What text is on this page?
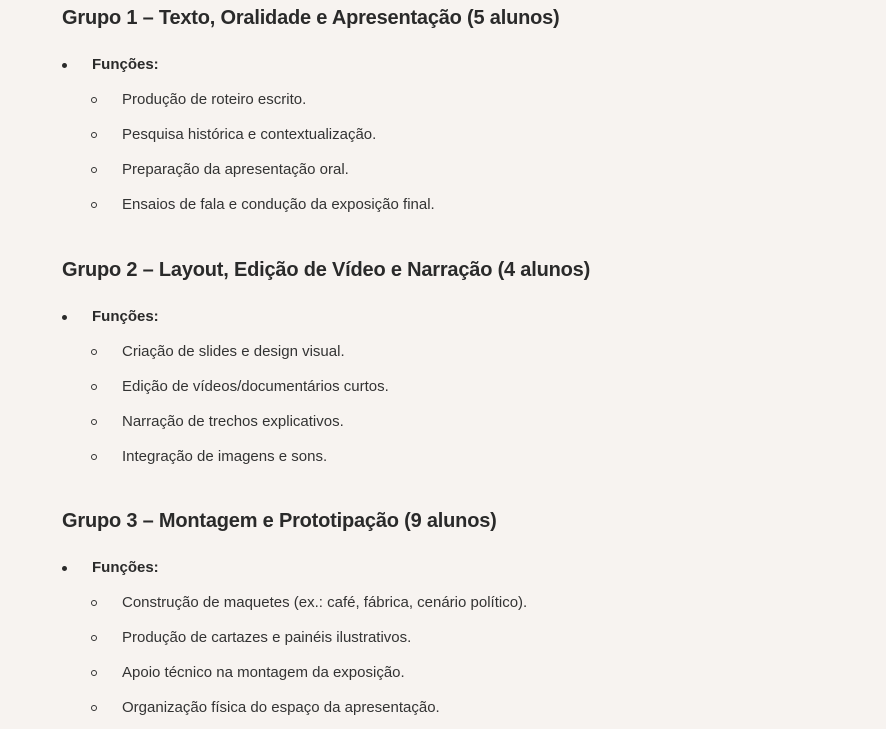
Grupo 1 – Texto, Oralidade e Apresentação (5 alunos)
Funções:
Produção de roteiro escrito.
Pesquisa histórica e contextualização.
Preparação da apresentação oral.
Ensaios de fala e condução da exposição final.
Grupo 2 – Layout, Edição de Vídeo e Narração (4 alunos)
Funções:
Criação de slides e design visual.
Edição de vídeos/documentários curtos.
Narração de trechos explicativos.
Integração de imagens e sons.
Grupo 3 – Montagem e Prototipação (9 alunos)
Funções:
Construção de maquetes (ex.: café, fábrica, cenário político).
Produção de cartazes e painéis ilustrativos.
Apoio técnico na montagem da exposição.
Organização física do espaço da apresentação.
